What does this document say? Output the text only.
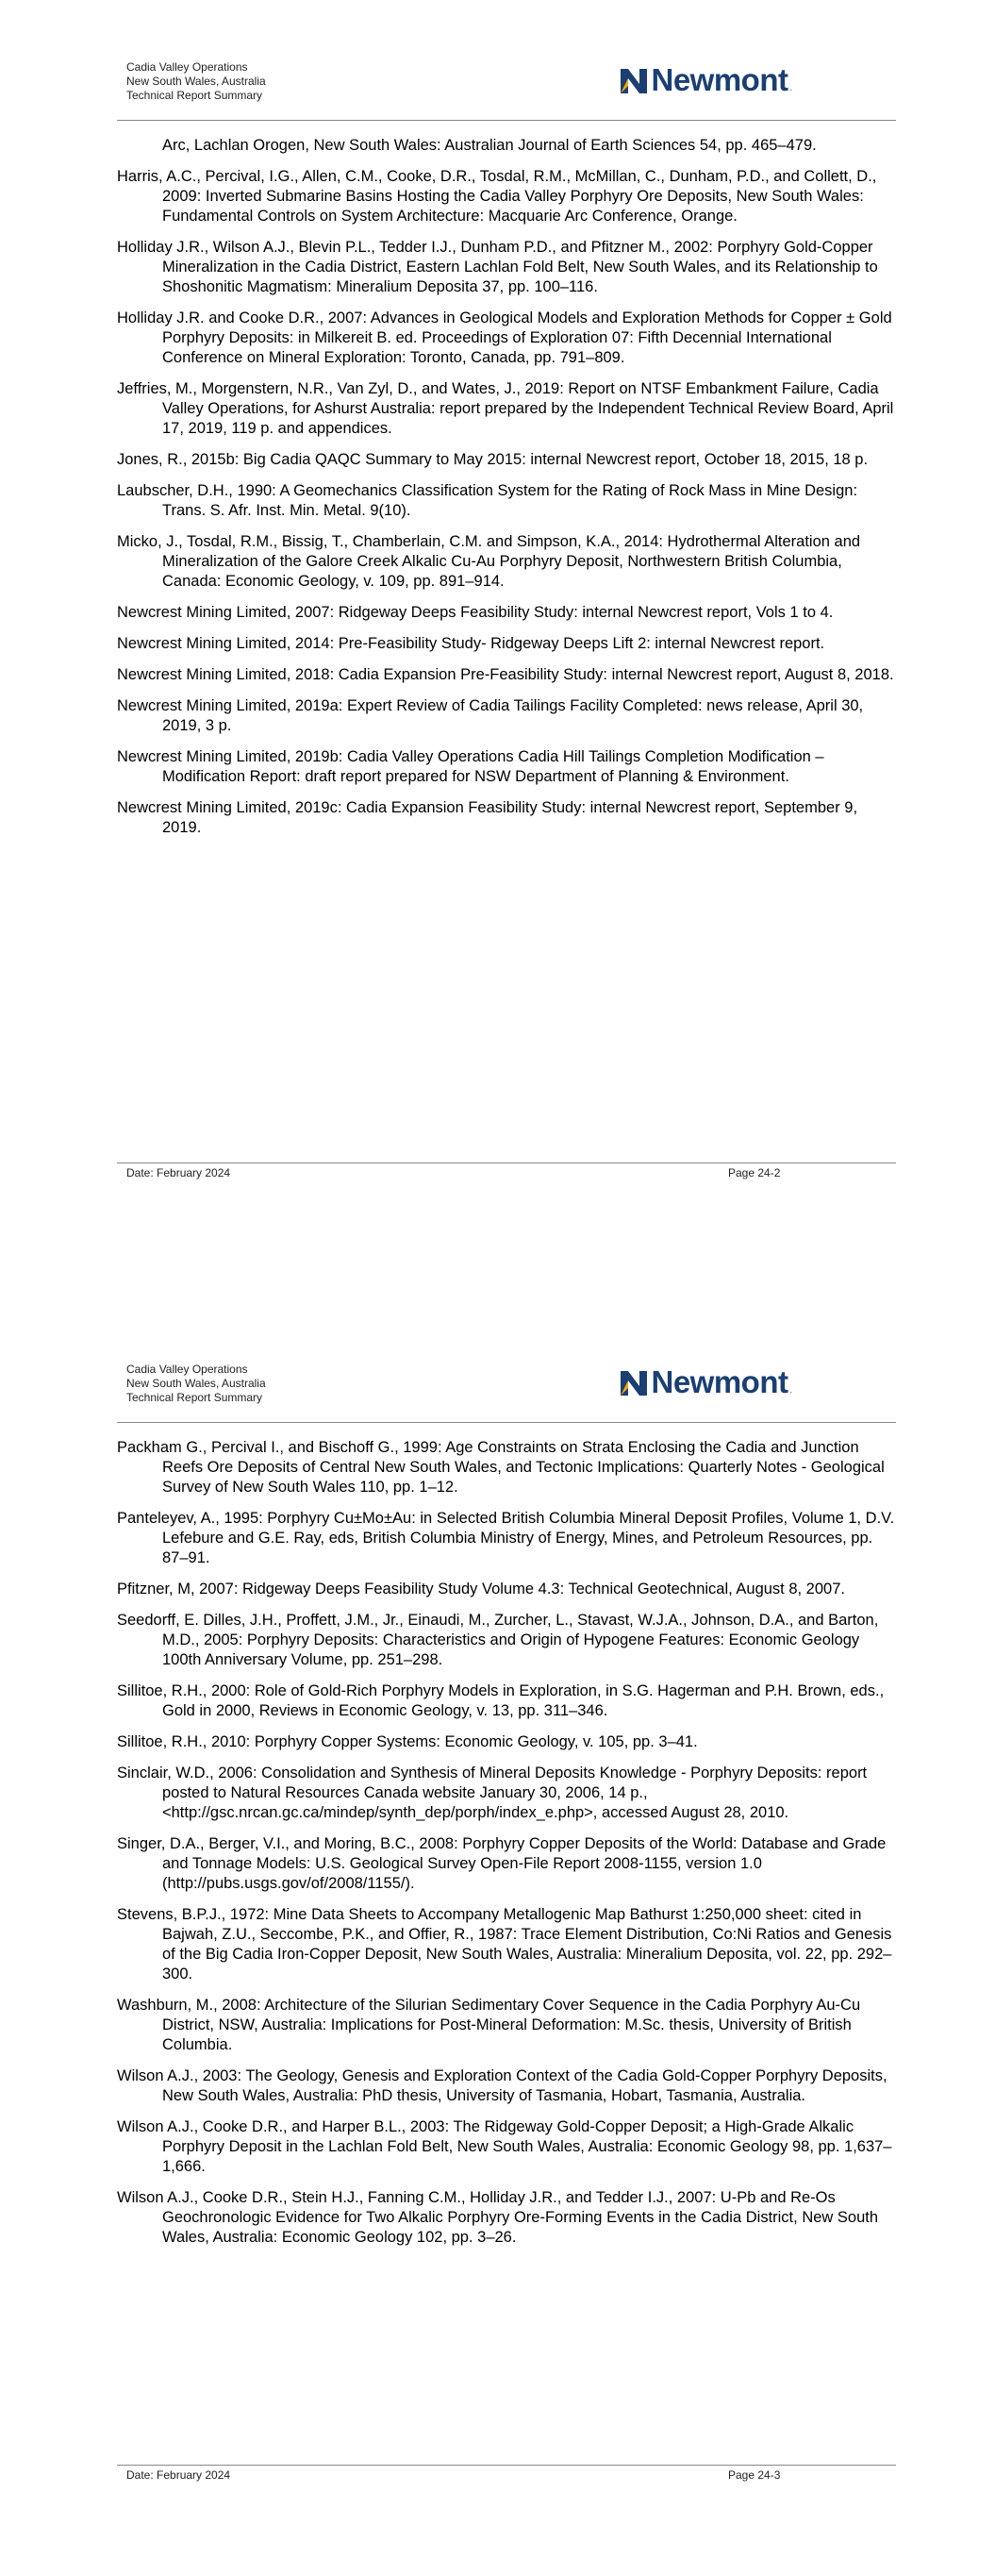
Cadia Valley Operations
New South Wales, Australia
Technical Report Summary	Newmont .

Arc, Lachlan Orogen, New South Wales: Australian Journal of Earth Sciences 54, pp. 465–479.

Harris, A.C., Percival, I.G., Allen, C.M., Cooke, D.R., Tosdal, R.M., McMillan, C., Dunham, P.D., and Collett, D., 2009: Inverted Submarine Basins Hosting the Cadia Valley Porphyry Ore Deposits, New South Wales: Fundamental Controls on System Architecture: Macquarie Arc Conference, Orange.

Holliday J.R., Wilson A.J., Blevin P.L., Tedder I.J., Dunham P.D., and Pfitzner M., 2002: Porphyry Gold-Copper Mineralization in the Cadia District, Eastern Lachlan Fold Belt, New South Wales, and its Relationship to Shoshonitic Magmatism: Mineralium Deposita 37, pp. 100–116.

Holliday J.R. and Cooke D.R., 2007: Advances in Geological Models and Exploration Methods for Copper ± Gold Porphyry Deposits: in Milkereit B. ed. Proceedings of Exploration 07: Fifth Decennial International Conference on Mineral Exploration: Toronto, Canada, pp. 791–809.

Jeffries, M., Morgenstern, N.R., Van Zyl, D., and Wates, J., 2019: Report on NTSF Embankment Failure, Cadia Valley Operations, for Ashurst Australia: report prepared by the Independent Technical Review Board, April 17, 2019, 119 p. and appendices.

Jones, R., 2015b: Big Cadia QAQC Summary to May 2015: internal Newcrest report, October 18, 2015, 18 p.

Laubscher, D.H., 1990: A Geomechanics Classification System for the Rating of Rock Mass in Mine Design: Trans. S. Afr. Inst. Min. Metal. 9(10).

Micko, J., Tosdal, R.M., Bissig, T., Chamberlain, C.M. and Simpson, K.A., 2014: Hydrothermal Alteration and Mineralization of the Galore Creek Alkalic Cu-Au Porphyry Deposit, Northwestern British Columbia, Canada: Economic Geology, v. 109, pp. 891–914.

Newcrest Mining Limited, 2007: Ridgeway Deeps Feasibility Study: internal Newcrest report, Vols 1 to 4.

Newcrest Mining Limited, 2014: Pre-Feasibility Study- Ridgeway Deeps Lift 2: internal Newcrest report.

Newcrest Mining Limited, 2018: Cadia Expansion Pre-Feasibility Study: internal Newcrest report, August 8, 2018.

Newcrest Mining Limited, 2019a: Expert Review of Cadia Tailings Facility Completed: news release, April 30, 2019, 3 p.

Newcrest Mining Limited, 2019b: Cadia Valley Operations Cadia Hill Tailings Completion Modification – Modification Report: draft report prepared for NSW Department of Planning & Environment.

Newcrest Mining Limited, 2019c: Cadia Expansion Feasibility Study: internal Newcrest report, September 9, 2019.

Date: February 2024	Page 24-2
Cadia Valley Operations
New South Wales, Australia
Technical Report Summary	Newmont .

Packham G., Percival I., and Bischoff G., 1999: Age Constraints on Strata Enclosing the Cadia and Junction Reefs Ore Deposits of Central New South Wales, and Tectonic Implications: Quarterly Notes - Geological Survey of New South Wales 110, pp. 1–12.

Panteleyev, A., 1995: Porphyry Cu±Mo±Au: in Selected British Columbia Mineral Deposit Profiles, Volume 1, D.V. Lefebure and G.E. Ray, eds, British Columbia Ministry of Energy, Mines, and Petroleum Resources, pp. 87–91.

Pfitzner, M, 2007: Ridgeway Deeps Feasibility Study Volume 4.3: Technical Geotechnical, August 8, 2007.

Seedorff, E. Dilles, J.H., Proffett, J.M., Jr., Einaudi, M., Zurcher, L., Stavast, W.J.A., Johnson, D.A., and Barton, M.D., 2005: Porphyry Deposits: Characteristics and Origin of Hypogene Features: Economic Geology 100th Anniversary Volume, pp. 251–298.

Sillitoe, R.H., 2000: Role of Gold-Rich Porphyry Models in Exploration, in S.G. Hagerman and P.H. Brown, eds., Gold in 2000, Reviews in Economic Geology, v. 13, pp. 311–346.

Sillitoe, R.H., 2010: Porphyry Copper Systems: Economic Geology, v. 105, pp. 3–41.

Sinclair, W.D., 2006: Consolidation and Synthesis of Mineral Deposits Knowledge - Porphyry Deposits: report posted to Natural Resources Canada website January 30, 2006, 14 p., <http://gsc.nrcan.gc.ca/mindep/synth_dep/porph/index_e.php>, accessed August 28, 2010.

Singer, D.A., Berger, V.I., and Moring, B.C., 2008: Porphyry Copper Deposits of the World: Database and Grade and Tonnage Models: U.S. Geological Survey Open-File Report 2008-1155, version 1.0 (http://pubs.usgs.gov/of/2008/1155/).

Stevens, B.P.J., 1972: Mine Data Sheets to Accompany Metallogenic Map Bathurst 1:250,000 sheet: cited in Bajwah, Z.U., Seccombe, P.K., and Offier, R., 1987: Trace Element Distribution, Co:Ni Ratios and Genesis of the Big Cadia Iron-Copper Deposit, New South Wales, Australia: Mineralium Deposita, vol. 22, pp. 292–300.

Washburn, M., 2008: Architecture of the Silurian Sedimentary Cover Sequence in the Cadia Porphyry Au-Cu District, NSW, Australia: Implications for Post-Mineral Deformation: M.Sc. thesis, University of British Columbia.

Wilson A.J., 2003: The Geology, Genesis and Exploration Context of the Cadia Gold-Copper Porphyry Deposits, New South Wales, Australia: PhD thesis, University of Tasmania, Hobart, Tasmania, Australia.

Wilson A.J., Cooke D.R., and Harper B.L., 2003: The Ridgeway Gold-Copper Deposit; a High-Grade Alkalic Porphyry Deposit in the Lachlan Fold Belt, New South Wales, Australia: Economic Geology 98, pp. 1,637–1,666.

Wilson A.J., Cooke D.R., Stein H.J., Fanning C.M., Holliday J.R., and Tedder I.J., 2007: U-Pb and Re-Os Geochronologic Evidence for Two Alkalic Porphyry Ore-Forming Events in the Cadia District, New South Wales, Australia: Economic Geology 102, pp. 3–26.

Date: February 2024	Page 24-3
